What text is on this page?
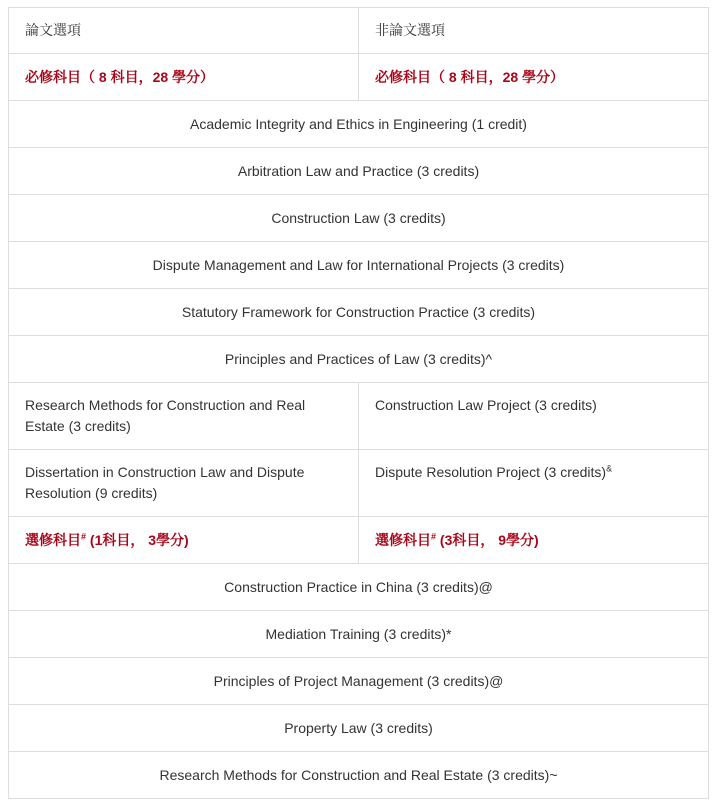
論文選項	非論文選項
必修科目（ 8 科目，28 學分）	必修科目（ 8 科目，28 學分）
Academic Integrity and Ethics in Engineering (1 credit)	
Arbitration Law and Practice (3 credits)	
Construction Law (3 credits)	
Dispute Management and Law for International Projects (3 credits)	
Statutory Framework for Construction Practice (3 credits)	
Principles and Practices of Law (3 credits)^	
Research Methods for Construction and Real Estate (3 credits)	Construction Law Project (3 credits)
Dissertation in Construction Law and Dispute Resolution (9 credits)	Dispute Resolution Project (3 credits)&
選修科目# (1科目， 3學分)	選修科目# (3科目， 9學分)
Construction Practice in China (3 credits)@	
Mediation Training (3 credits)*	
Principles of Project Management (3 credits)@	
Property Law (3 credits)	
Research Methods for Construction and Real Estate (3 credits)~	
